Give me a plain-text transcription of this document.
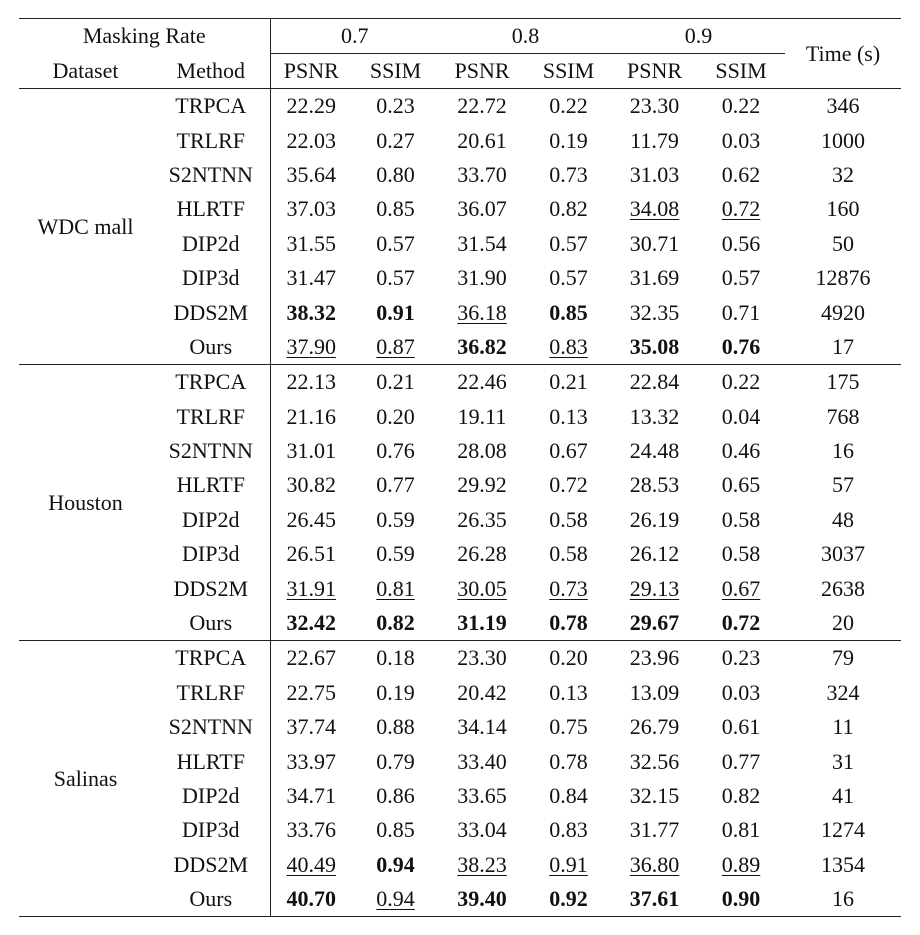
Masking Rate		0.7		0.8		0.9		Time (s)
Dataset	Method	PSNR	SSIM	PSNR	SSIM	PSNR	SSIM	
WDC mall	TRPCA	22.29	0.23	22.72	0.22	23.30	0.22	346
	TRLRF	22.03	0.27	20.61	0.19	11.79	0.03	1000
	S2NTNN	35.64	0.80	33.70	0.73	31.03	0.62	32
	HLRTF	37.03	0.85	36.07	0.82	34.08	0.72	160
	DIP2d	31.55	0.57	31.54	0.57	30.71	0.56	50
	DIP3d	31.47	0.57	31.90	0.57	31.69	0.57	12876
	DDS2M	38.32	0.91	36.18	0.85	32.35	0.71	4920
	Ours	37.90	0.87	36.82	0.83	35.08	0.76	17
Houston	TRPCA	22.13	0.21	22.46	0.21	22.84	0.22	175
	TRLRF	21.16	0.20	19.11	0.13	13.32	0.04	768
	S2NTNN	31.01	0.76	28.08	0.67	24.48	0.46	16
	HLRTF	30.82	0.77	29.92	0.72	28.53	0.65	57
	DIP2d	26.45	0.59	26.35	0.58	26.19	0.58	48
	DIP3d	26.51	0.59	26.28	0.58	26.12	0.58	3037
	DDS2M	31.91	0.81	30.05	0.73	29.13	0.67	2638
	Ours	32.42	0.82	31.19	0.78	29.67	0.72	20
Salinas	TRPCA	22.67	0.18	23.30	0.20	23.96	0.23	79
	TRLRF	22.75	0.19	20.42	0.13	13.09	0.03	324
	S2NTNN	37.74	0.88	34.14	0.75	26.79	0.61	11
	HLRTF	33.97	0.79	33.40	0.78	32.56	0.77	31
	DIP2d	34.71	0.86	33.65	0.84	32.15	0.82	41
	DIP3d	33.76	0.85	33.04	0.83	31.77	0.81	1274
	DDS2M	40.49	0.94	38.23	0.91	36.80	0.89	1354
	Ours	40.70	0.94	39.40	0.92	37.61	0.90	16
